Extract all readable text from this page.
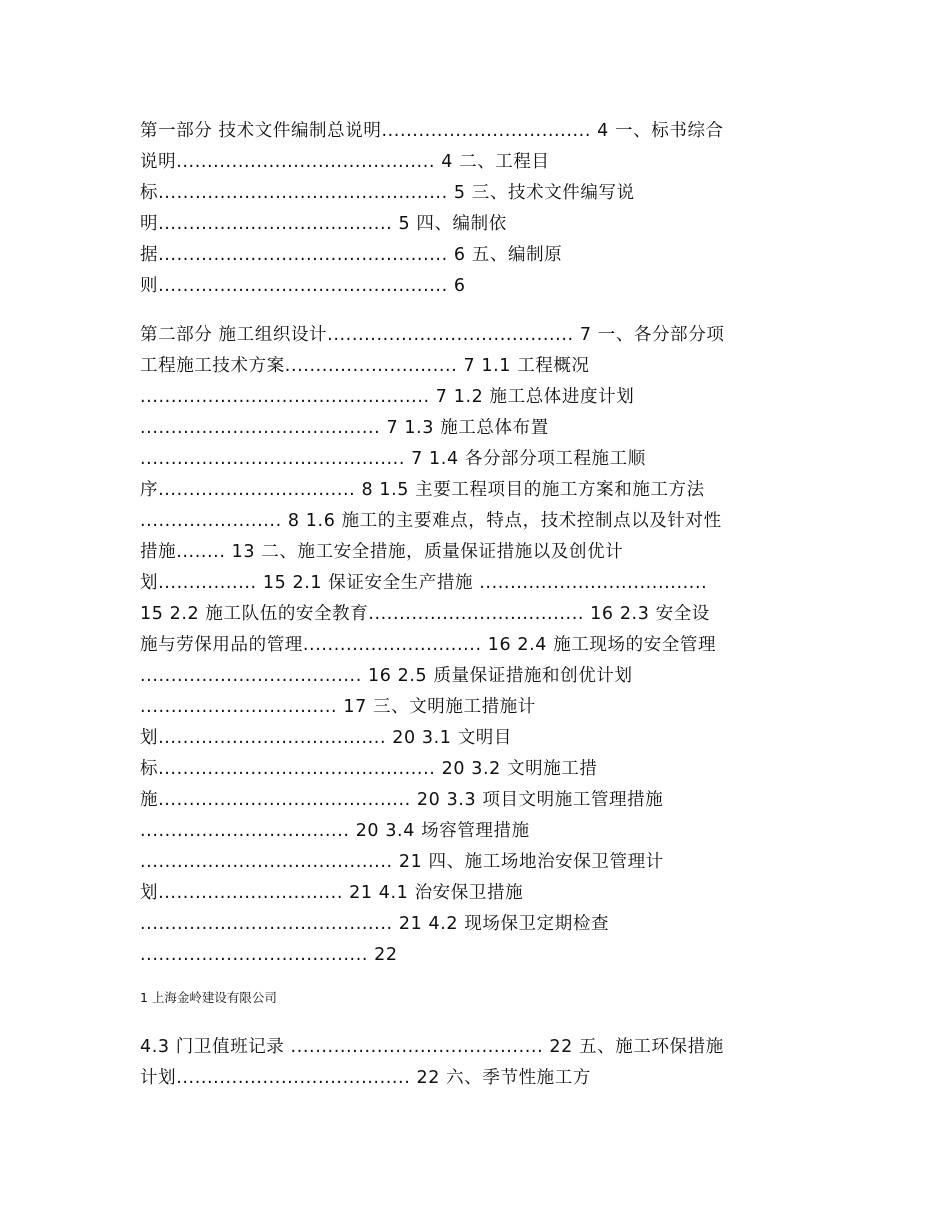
第一部分 技术文件编制总说明.................................. 4 一、标书综合
说明.......................................... 4 二、工程目
标............................................... 5 三、技术文件编写说
明...................................... 5 四、编制依
据............................................... 6 五、编制原
则............................................... 6
第二部分 施工组织设计........................................ 7 一、各分部分项
工程施工技术方案............................ 7 1.1 工程概况
............................................... 7 1.2 施工总体进度计划
....................................... 7 1.3 施工总体布置
........................................... 7 1.4 各分部分项工程施工顺
序................................ 8 1.5 主要工程项目的施工方案和施工方法
....................... 8 1.6 施工的主要难点，特点，技术控制点以及针对性
措施........ 13 二、施工安全措施，质量保证措施以及创优计
划................ 15 2.1 保证安全生产措施 .....................................
15 2.2 施工队伍的安全教育................................... 16 2.3 安全设
施与劳保用品的管理............................. 16 2.4 施工现场的安全管理
.................................... 16 2.5 质量保证措施和创优计划
................................ 17 三、文明施工措施计
划..................................... 20 3.1 文明目
标............................................. 20 3.2 文明施工措
施......................................... 20 3.3 项目文明施工管理措施
.................................. 20 3.4 场容管理措施
......................................... 21 四、施工场地治安保卫管理计
划.............................. 21 4.1 治安保卫措施
......................................... 21 4.2 现场保卫定期检查
..................................... 22
1 上海金岭建设有限公司
4.3 门卫值班记录 ......................................... 22 五、施工环保措施
计划...................................... 22 六、季节性施工方
